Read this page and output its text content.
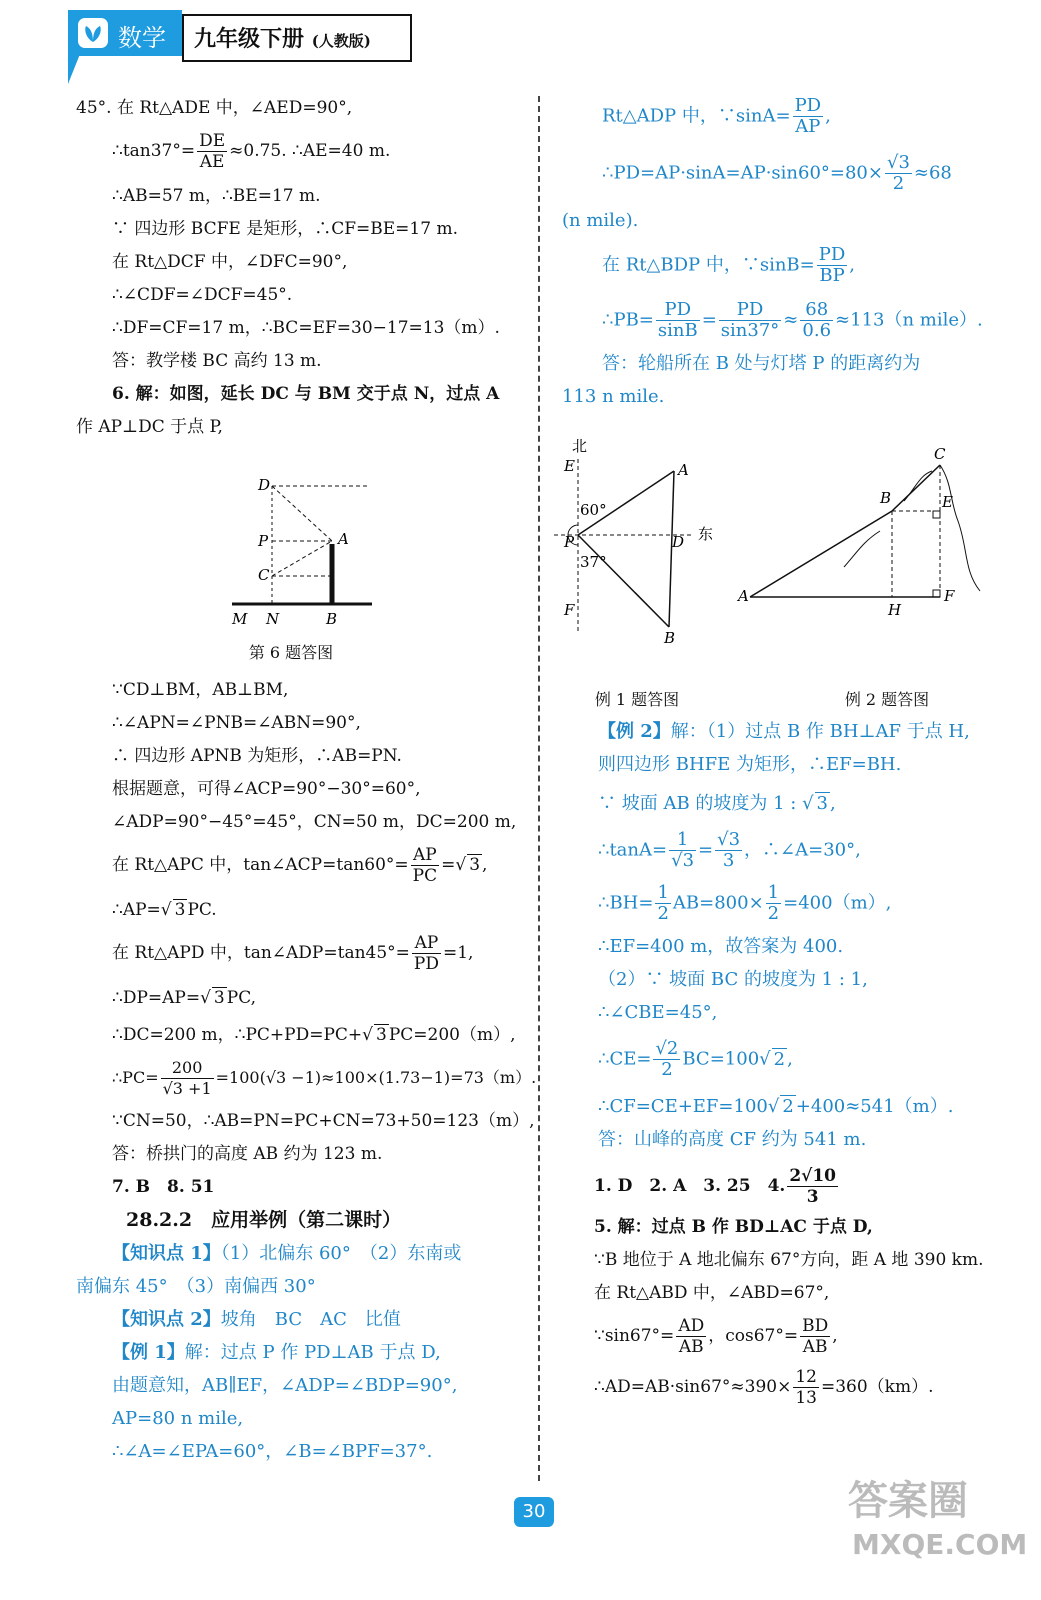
数学 九年级下册 (人教版)

45°. 在 Rt△ADE 中，∠AED=90°,

∴tan37°= $\frac{DE}{AE} \approx 0.75$. ∴AE=40 m.

∴AB=57 m，∴BE=17 m.

∵ 四边形 BCFE 是矩形，∴CF=BE=17 m.

在 Rt△DCF 中，∠DFC=90°,

∴∠CDF=∠DCF=45°.

∴DF=CF=17 m，∴BC=EF=30−17=13（m）.

答：教学楼 BC 高约 13 m.

6. 解：如图，延长 DC 与 BM 交于点 N，过点 A

作 AP⊥DC 于点 P,

D
P
C
A
M N	B
第 6 题答图

∵CD⊥BM，AB⊥BM,

∴∠APN=∠PNB=∠ABN=90°,

∴ 四边形 APNB 为矩形，∴AB=PN.

根据题意，可得∠ACP=90°−30°=60°,

∠ADP=90°−45°=45°，CN=50 m，DC=200 m,

在 Rt△APC 中，tan∠ACP=tan60°= $\frac{AP}{PC}$ =√ 3 ,

∴AP=√ 3 PC.

在 Rt△APD 中，tan∠ADP=tan45°= $\frac{AP}{PD} =1$,

∴DP=AP=√ 3 PC,

∴DC=200 m，∴PC+PD=PC+√ 3 PC=200（m）,

∴PC= $\frac{200}{√3 +1} =100(√3 -1)\approx 100\times(1.73-1)=73(m)$.

∵CN=50，∴AB=PN=PC+CN=73+50=123（m）,

答：桥拱门的高度 AB 约为 123 m.

7. B　8. 51

28.2.2　应用举例（第二课时）

【知识点 1】（1）北偏东 60°　（2）东南或

南偏东 45°　（3）南偏西 30°

【知识点 2】坡角　BC　AC　比值

【例 1】解：过点 P 作 PD⊥AB 于点 D,

由题意知，AB∥EF，∠ADP=∠BDP=90°,

AP=80 n mile,

∴∠A=∠EPA=60°，∠B=∠BPF=37°.

Rt△ADP 中，∵sinA= $\frac{PD}{AP}$ ,

∴PD=AP·sinA=AP·sin60°=80× $\frac{√3}{2} \approx 68$

(n mile).

在 Rt△BDP 中，∵sinB= $\frac{PD}{BP}$ ,

∴PB= $\frac{PD}{\sin B} = \frac{PD}{\sin 37^\circ} \approx \frac{68}{0.6} \approx 113(n$ mile）.

答：轮船所在 B 处与灯塔 P 的距离约为

113 n mile.

北
E	A
60°
东
P	D
37°
F
B
C
B	E
A
H
F
例 1 题答图	例 2 题答图

【例 2】解：（1）过点 B 作 BH⊥AF 于点 H,

则四边形 BHFE 为矩形，∴EF=BH.

∵ 坡面 AB 的坡度为 1 : √ 3 ,

∴tanA= $\frac{1}{√3} = \frac{√3}{3}$ ，∴∠A=30°,

∴BH= $\frac{1}{2} AB=800\times \frac{1}{2} =400(m)$,

∴EF=400 m，故答案为 400.

（2）∵ 坡面 BC 的坡度为 1 : 1,

∴∠CBE=45°,

∴CE= $\frac{√2}{2} BC=100√$ 2 ,

∴CF=CE+EF=100√ 2 +400≈541（m）.

答：山峰的高度 CF 约为 541 m.

1. D　2. A　3. 25　4. $\frac{2√10}{3}$

5. 解：过点 B 作 BD⊥AC 于点 D,

∵B 地位于 A 地北偏东 67°方向，距 A 地 390 km.

在 Rt△ABD 中，∠ABD=67°,

∵sin67°= $\frac{AD}{AB}$ ，$\cos 67^\circ= \frac{BD}{AB}$ ,

∴AD=AB·sin67°≈390× $\frac{12}{13} =360(km)$.

30	答案圈
MXQE.COM
